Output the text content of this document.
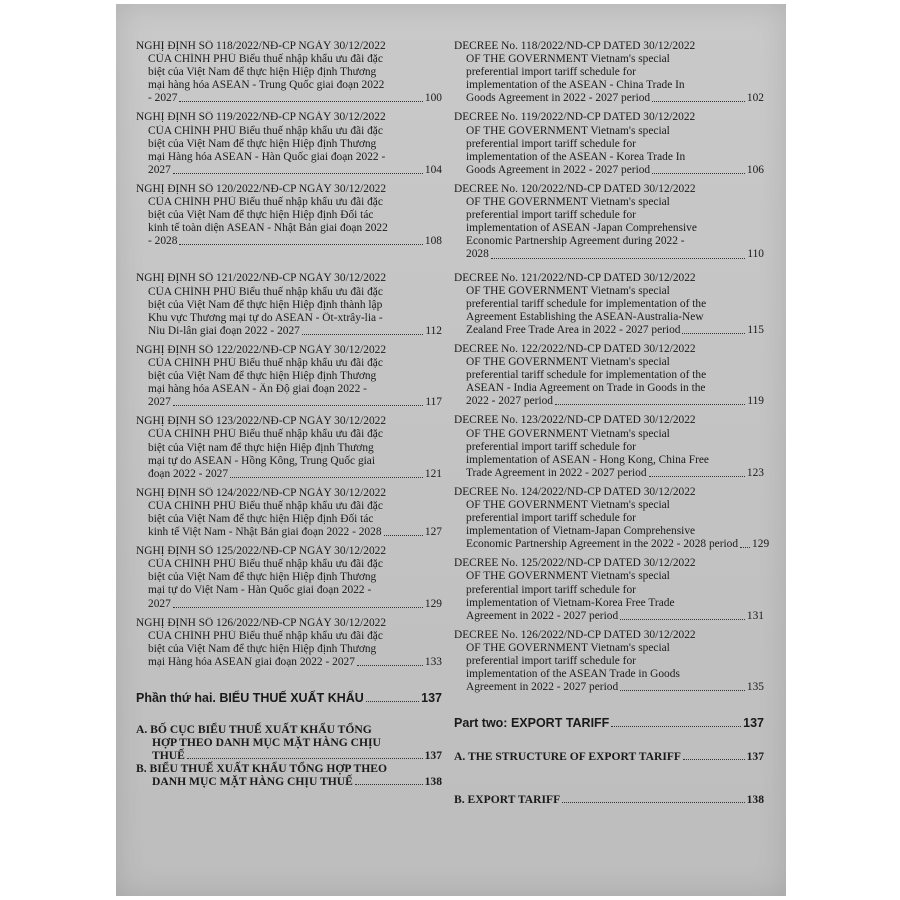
NGHỊ ĐỊNH SỐ 118/2022/NĐ-CP NGÀY 30/12/2022
CỦA CHÍNH PHỦ Biểu thuế nhập khẩu ưu đãi đặc
biệt của Việt Nam để thực hiện Hiệp định Thương
mại hàng hóa ASEAN - Trung Quốc giai đoạn 2022
- 2027	100
NGHỊ ĐỊNH SỐ 119/2022/NĐ-CP NGÀY 30/12/2022
CỦA CHÍNH PHỦ Biểu thuế nhập khẩu ưu đãi đặc
biệt của Việt Nam để thực hiện Hiệp định Thương
mại Hàng hóa ASEAN - Hàn Quốc giai đoạn 2022 -
2027	104
NGHỊ ĐỊNH SỐ 120/2022/NĐ-CP NGÀY 30/12/2022
CỦA CHÍNH PHỦ Biểu thuế nhập khẩu ưu đãi đặc
biệt của Việt Nam để thực hiện Hiệp định Đối tác
kinh tế toàn diện ASEAN - Nhật Bản giai đoạn 2022
- 2028	108
NGHỊ ĐỊNH SỐ 121/2022/NĐ-CP NGÀY 30/12/2022
CỦA CHÍNH PHỦ Biểu thuế nhập khẩu ưu đãi đặc
biệt của Việt Nam để thực hiện Hiệp định thành lập
Khu vực Thương mại tự do ASEAN - Ốt-xtrây-lia -
Niu Di-lân giai đoạn 2022 - 2027	112
NGHỊ ĐỊNH SỐ 122/2022/NĐ-CP NGÀY 30/12/2022
CỦA CHÍNH PHỦ Biểu thuế nhập khẩu ưu đãi đặc
biệt của Việt Nam để thực hiện Hiệp định Thương
mại hàng hóa ASEAN - Ấn Độ giai đoạn 2022 -
2027	117
NGHỊ ĐỊNH SỐ 123/2022/NĐ-CP NGÀY 30/12/2022
CỦA CHÍNH PHỦ Biểu thuế nhập khẩu ưu đãi đặc
biệt của Việt nam để thực hiện Hiệp định Thương
mại tự do ASEAN - Hồng Kông, Trung Quốc giai
đoạn 2022 - 2027	121
NGHỊ ĐỊNH SỐ 124/2022/NĐ-CP NGÀY 30/12/2022
CỦA CHÍNH PHỦ Biểu thuế nhập khẩu ưu đãi đặc
biệt của Việt Nam để thực hiện Hiệp định Đối tác
kinh tế Việt Nam - Nhật Bản giai đoạn 2022 - 2028	127
NGHỊ ĐỊNH SỐ 125/2022/NĐ-CP NGÀY 30/12/2022
CỦA CHÍNH PHỦ Biểu thuế nhập khẩu ưu đãi đặc
biệt của Việt Nam để thực hiện Hiệp định Thương
mại tự do Việt Nam - Hàn Quốc giai đoạn 2022 -
2027	129
NGHỊ ĐỊNH SỐ 126/2022/NĐ-CP NGÀY 30/12/2022
CỦA CHÍNH PHỦ Biểu thuế nhập khẩu ưu đãi đặc
biệt của Việt Nam để thực hiện Hiệp định Thương
mại Hàng hóa ASEAN giai đoạn 2022 - 2027	133
Phần thứ hai. BIỂU THUẾ XUẤT KHẨU	137
A. BỐ CỤC BIỂU THUẾ XUẤT KHẨU TỔNG
HỢP THEO DANH MỤC MẶT HÀNG CHỊU
THUẾ	137
B. BIỂU THUẾ XUẤT KHẨU TỔNG HỢP THEO
DANH MỤC MẶT HÀNG CHỊU THUẾ	138
DECREE No. 118/2022/ND-CP DATED 30/12/2022
OF THE GOVERNMENT Vietnam's special
preferential import tariff schedule for
implementation of the ASEAN - China Trade In
Goods Agreement in 2022 - 2027 period	102
DECREE No. 119/2022/ND-CP DATED 30/12/2022
OF THE GOVERNMENT Vietnam's special
preferential import tariff schedule for
implementation of the ASEAN - Korea Trade In
Goods Agreement in 2022 - 2027 period	106
DECREE No. 120/2022/ND-CP DATED 30/12/2022
OF THE GOVERNMENT Vietnam's special
preferential import tariff schedule for
implementation of ASEAN -Japan Comprehensive
Economic Partnership Agreement during 2022 -
2028	110
DECREE No. 121/2022/ND-CP DATED 30/12/2022
OF THE GOVERNMENT Vietnam's special
preferential tariff schedule for implementation of the
Agreement Establishing the ASEAN-Australia-New
Zealand Free Trade Area in 2022 - 2027 period	115
DECREE No. 122/2022/ND-CP DATED 30/12/2022
OF THE GOVERNMENT Vietnam's special
preferential tariff schedule for implementation of the
ASEAN - India Agreement on Trade in Goods in the
2022 - 2027 period	119
DECREE No. 123/2022/ND-CP DATED 30/12/2022
OF THE GOVERNMENT Vietnam's special
preferential import tariff schedule for
implementation of ASEAN - Hong Kong, China Free
Trade Agreement in 2022 - 2027 period	123
DECREE No. 124/2022/ND-CP DATED 30/12/2022
OF THE GOVERNMENT Vietnam's special
preferential import tariff schedule for
implementation of Vietnam-Japan Comprehensive
Economic Partnership Agreement in the 2022 - 2028 period 129
DECREE No. 125/2022/ND-CP DATED 30/12/2022
OF THE GOVERNMENT Vietnam's special
preferential import tariff schedule for
implementation of Vietnam-Korea Free Trade
Agreement in 2022 - 2027 period	131
DECREE No. 126/2022/ND-CP DATED 30/12/2022
OF THE GOVERNMENT Vietnam's special
preferential import tariff schedule for
implementation of the ASEAN Trade in Goods
Agreement in 2022 - 2027 period	135
Part two: EXPORT TARIFF	137
A. THE STRUCTURE OF EXPORT TARIFF	137
B. EXPORT TARIFF	138
